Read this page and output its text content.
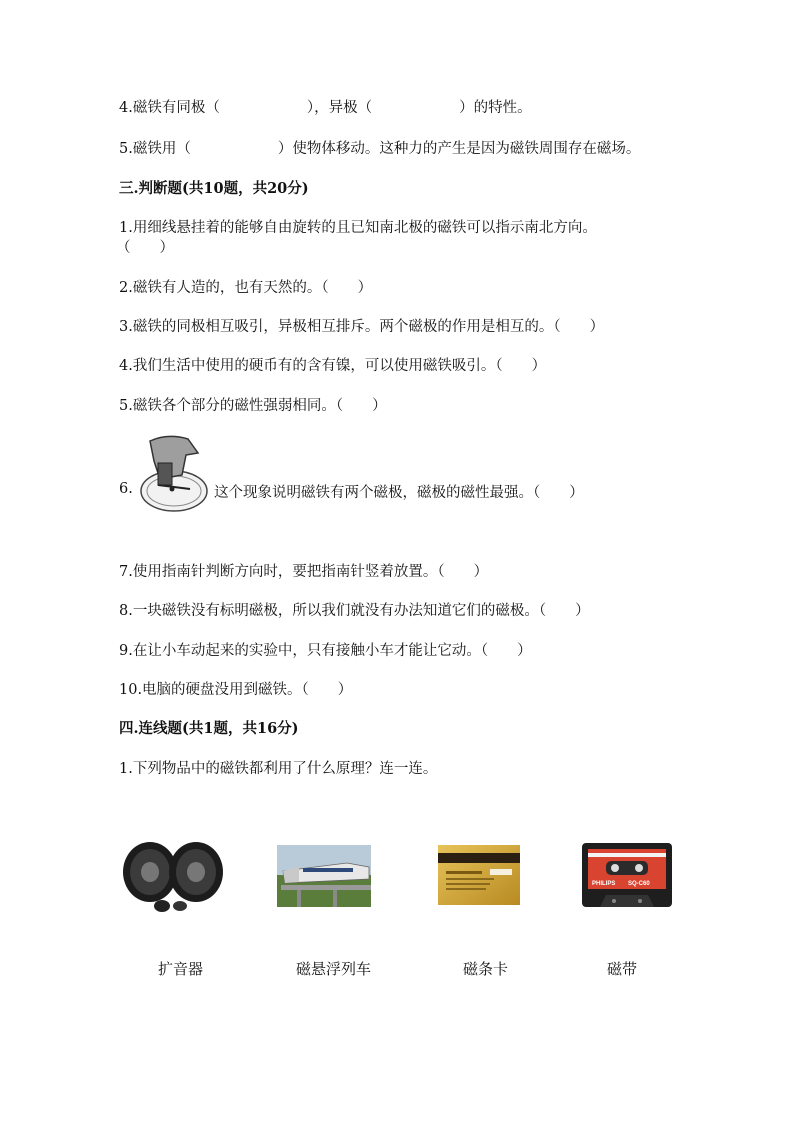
4.磁铁有同极（　　　　　　），异极（　　　　　　）的特性。
5.磁铁用（　　　　　　）使物体移动。这种力的产生是因为磁铁周围存在磁场。
三.判断题(共10题，共20分)
1.用细线悬挂着的能够自由旋转的且已知南北极的磁铁可以指示南北方向。
（　　）
2.磁铁有人造的，也有天然的。（　　）
3.磁铁的同极相互吸引，异极相互排斥。两个磁极的作用是相互的。（　　）
4.我们生活中使用的硬币有的含有镍，可以使用磁铁吸引。（　　）
5.磁铁各个部分的磁性强弱相同。（　　）
6.	这个现象说明磁铁有两个磁极，磁极的磁性最强。（　　）
7.使用指南针判断方向时，要把指南针竖着放置。（　　）
8.一块磁铁没有标明磁极，所以我们就没有办法知道它们的磁极。（　　）
9.在让小车动起来的实验中，只有接触小车才能让它动。（　　）
10.电脑的硬盘没用到磁铁。（　　）
四.连线题(共1题，共16分)
1.下列物品中的磁铁都利用了什么原理？连一连。
扩音器	磁悬浮列车	磁条卡
PHILIPS SQ-C60
磁带
